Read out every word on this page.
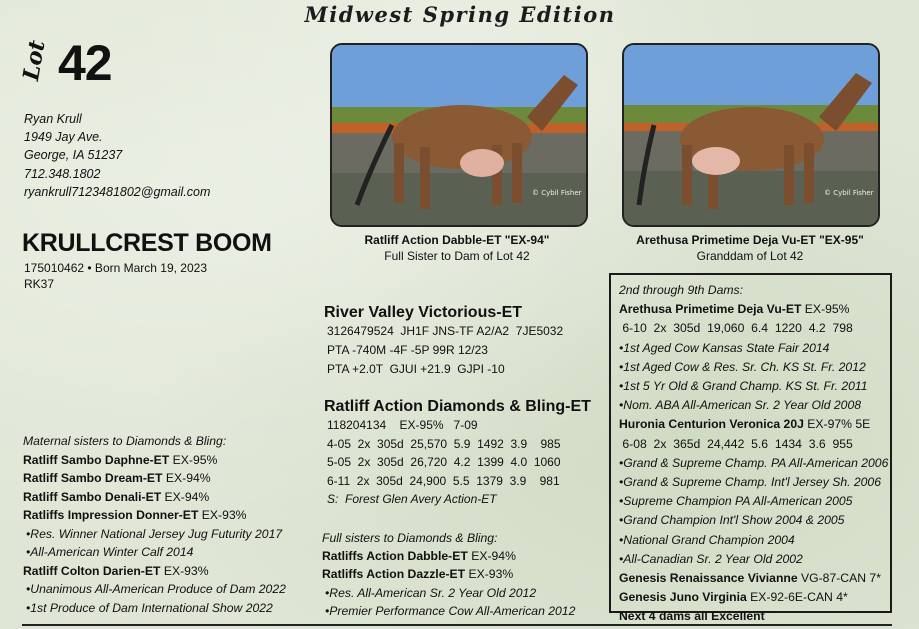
Midwest Spring Edition
Lot 42
Ryan Krull
1949 Jay Ave.
George, IA 51237
712.348.1802
ryankrull7123481802@gmail.com
KRULLCREST BOOM
175010462 • Born March 19, 2023
RK37
© Cybil Fisher	© Cybil Fisher
Ratliff Action Dabble-ET "EX-94"
Full Sister to Dam of Lot 42
Arethusa Primetime Deja Vu-ET "EX-95"
Granddam of Lot 42
River Valley Victorious-ET
3126479524  JH1F JNS-TF A2/A2  7JE5032
PTA -740M -4F -5P 99R 12/23
PTA +2.0T  GJUI +21.9  GJPI -10
Ratliff Action Diamonds & Bling-ET
118204134    EX-95%   7-09
4-05  2x  305d  25,570  5.9  1492  3.9    985
5-05  2x  305d  26,720  4.2  1399  4.0  1060
6-11  2x  305d  24,900  5.5  1379  3.9    981
S:  Forest Glen Avery Action-ET
Maternal sisters to Diamonds & Bling:
Ratliff Sambo Daphne-ET EX-95%
Ratliff Sambo Dream-ET EX-94%
Ratliff Sambo Denali-ET EX-94%
Ratliffs Impression Donner-ET EX-93%
•Res. Winner National Jersey Jug Futurity 2017
•All-American Winter Calf 2014
Ratliff Colton Darien-ET EX-93%
•Unanimous All-American Produce of Dam 2022
•1st Produce of Dam International Show 2022
Full sisters to Diamonds & Bling:
Ratliffs Action Dabble-ET EX-94%
Ratliffs Action Dazzle-ET EX-93%
•Res. All-American Sr. 2 Year Old 2012
•Premier Performance Cow All-American 2012
2nd through 9th Dams:
Arethusa Primetime Deja Vu-ET EX-95%
6-10  2x  305d  19,060  6.4  1220  4.2  798
•1st Aged Cow Kansas State Fair 2014
•1st Aged Cow & Res. Sr. Ch. KS St. Fr. 2012
•1st 5 Yr Old & Grand Champ. KS St. Fr. 2011
•Nom. ABA All-American Sr. 2 Year Old 2008
Huronia Centurion Veronica 20J EX-97% 5E
6-08  2x  365d  24,442  5.6  1434  3.6  955
•Grand & Supreme Champ. PA All-American 2006
•Grand & Supreme Champ. Int'l Jersey Sh. 2006
•Supreme Champion PA All-American 2005
•Grand Champion Int'l Show 2004 & 2005
•National Grand Champion 2004
•All-Canadian Sr. 2 Year Old 2002
Genesis Renaissance Vivianne VG-87-CAN 7*
Genesis Juno Virginia EX-92-6E-CAN 4*
Next 4 dams all Excellent
